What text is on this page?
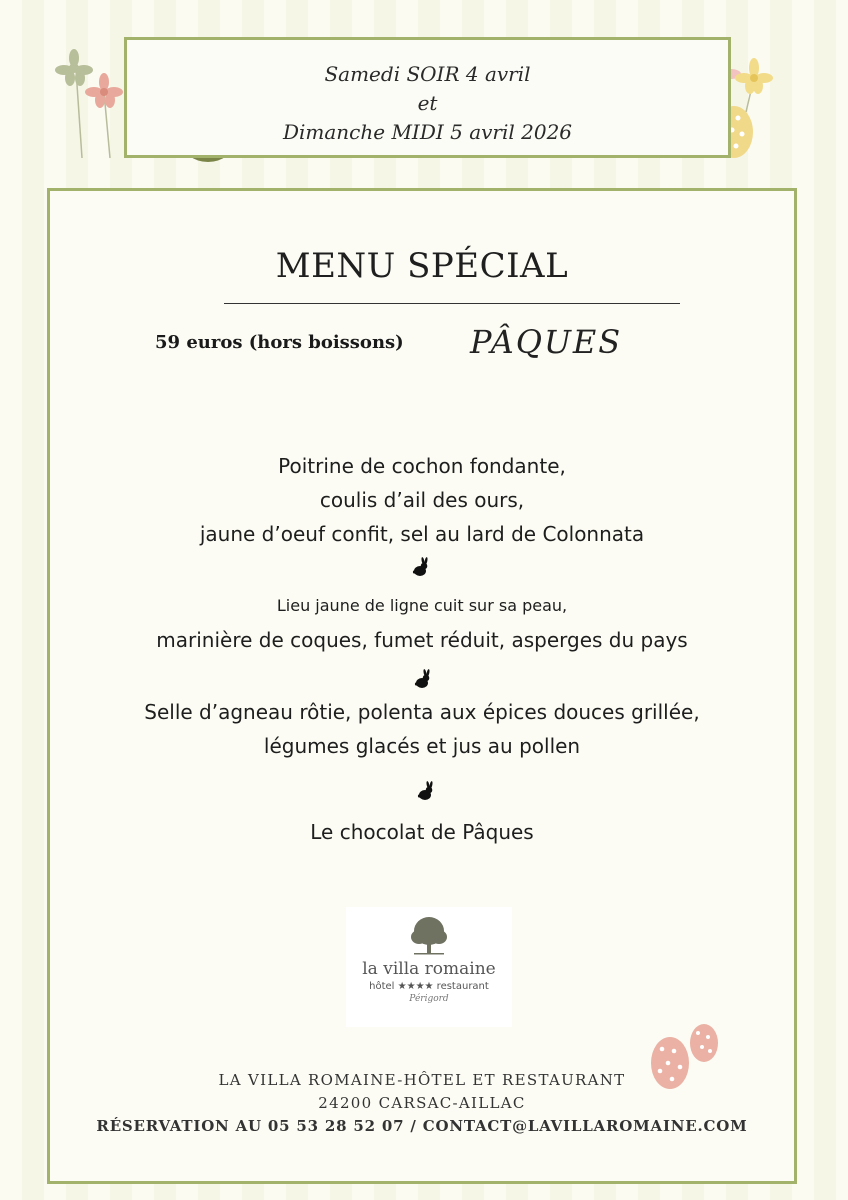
Samedi SOIR 4 avril
et
Dimanche MIDI 5 avril 2026
MENU SPÉCIAL
59 euros (hors boissons) PÂQUES
Poitrine de cochon fondante,
coulis d’ail des ours,
jaune d’oeuf confit, sel au lard de Colonnata
Lieu jaune de ligne cuit sur sa peau,
marinière de coques, fumet réduit, asperges du pays
Selle d’agneau rôtie, polenta aux épices douces grillée,
légumes glacés et jus au pollen
Le chocolat de Pâques
la villa romaine
hôtel ★★★★ restaurant
Périgord
LA VILLA ROMAINE-HÔTEL ET RESTAURANT
24200 CARSAC-AILLAC
RÉSERVATION AU 05 53 28 52 07 / CONTACT@LAVILLAROMAINE.COM
